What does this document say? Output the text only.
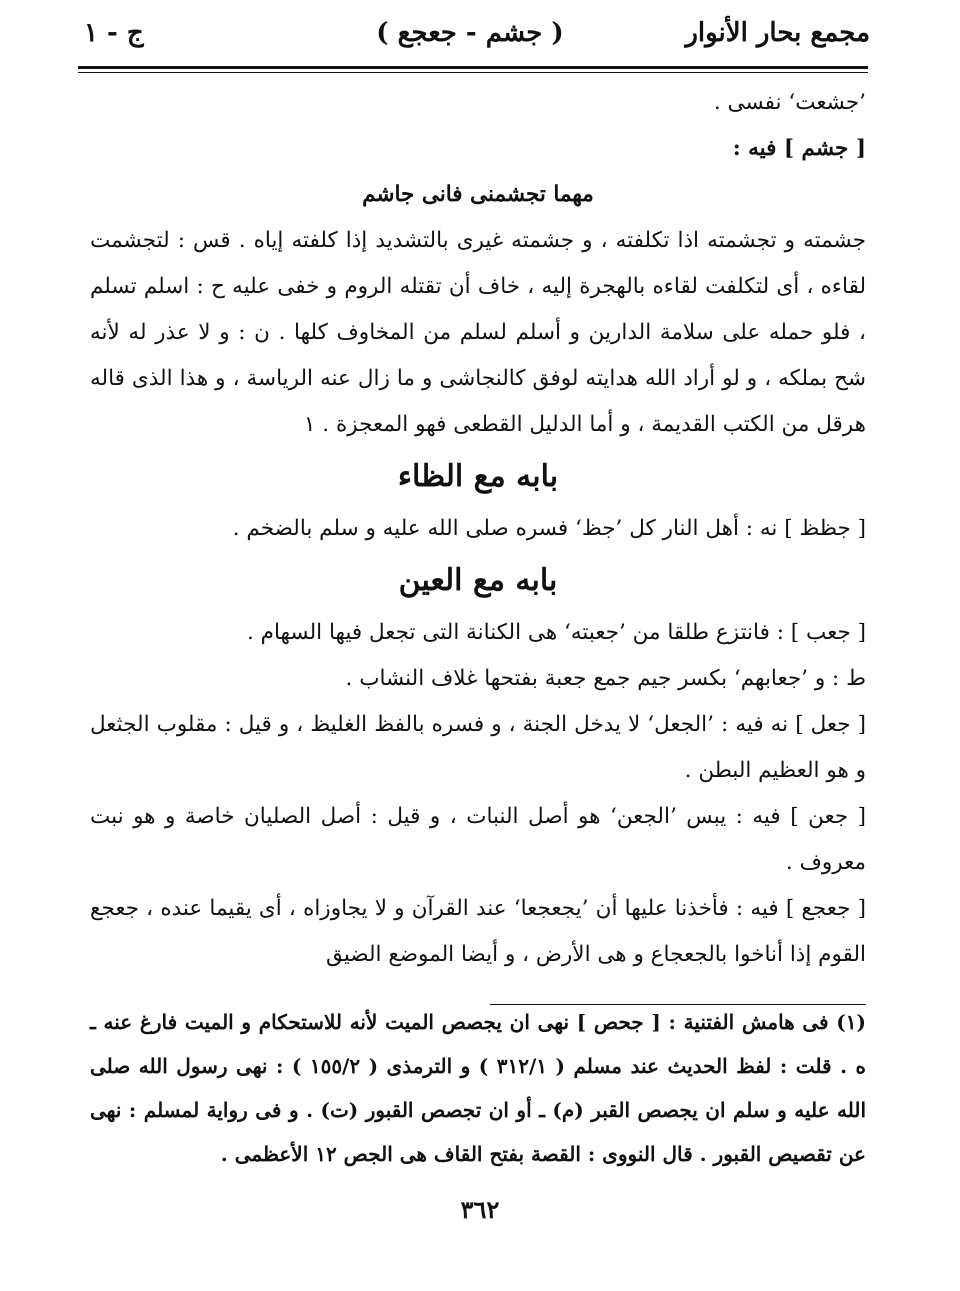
مجمع بحار الأنوار
( جشم - جعجع )
ج - ١

’جشعت‘ نفسى .

[ جشم ] فيه :

مهما تجشمنى فانى جاشم

جشمته و تجشمته اذا تكلفته ، و جشمته غيرى بالتشديد إذا كلفته إياه . قس : لتجشمت لقاءه ، أى لتكلفت لقاءه بالهجرة إليه ، خاف أن تقتله الروم و خفى عليه ح : اسلم تسلم ، فلو حمله على سلامة الدارين و أسلم لسلم من المخاوف كلها . ن : و لا عذر له لأنه شح بملكه ، و لو أراد الله هدايته لوفق كالنجاشى و ما زال عنه الرياسة ، و هذا الذى قاله هرقل من الكتب القديمة ، و أما الدليل القطعى فهو المعجزة . ١

بابه مع الظاء

[ جظظ ] نه : أهل النار كل ’جظ‘ فسره صلى الله عليه و سلم بالضخم .

بابه مع العين

[ جعب ] : فانتزع طلقا من ’جعبته‘ هى الكنانة التى تجعل فيها السهام .

ط : و ’جعابهم‘ بكسر جيم جمع جعبة بفتحها غلاف النشاب .

[ جعل ] نه فيه : ’الجعل‘ لا يدخل الجنة ، و فسره بالفظ الغليظ ، و قيل : مقلوب الجثعل و هو العظيم البطن .

[ جعن ] فيه : يبس ’الجعن‘ هو أصل النبات ، و قيل : أصل الصليان خاصة و هو نبت معروف .

[ جعجع ] فيه : فأخذنا عليها أن ’يجعجعا‘ عند القرآن و لا يجاوزاه ، أى يقيما عنده ، جعجع القوم إذا أناخوا بالجعجاع و هى الأرض ، و أيضا الموضع الضيق

(١) فى هامش الفتنية : [ جحص ] نهى ان يجصص الميت لأنه للاستحكام و الميت فارغ عنه ـ ه . قلت : لفظ الحديث عند مسلم ( ٣١٢/١ ) و الترمذى ( ١٥٥/٢ ) : نهى رسول الله صلى الله عليه و سلم ان يجصص القبر (م) ـ أو ان تجصص القبور (ت) . و فى رواية لمسلم : نهى عن تقصيص القبور . قال النووى : القصة بفتح القاف هى الجص ١٢ الأعظمى .

٣٦٢
